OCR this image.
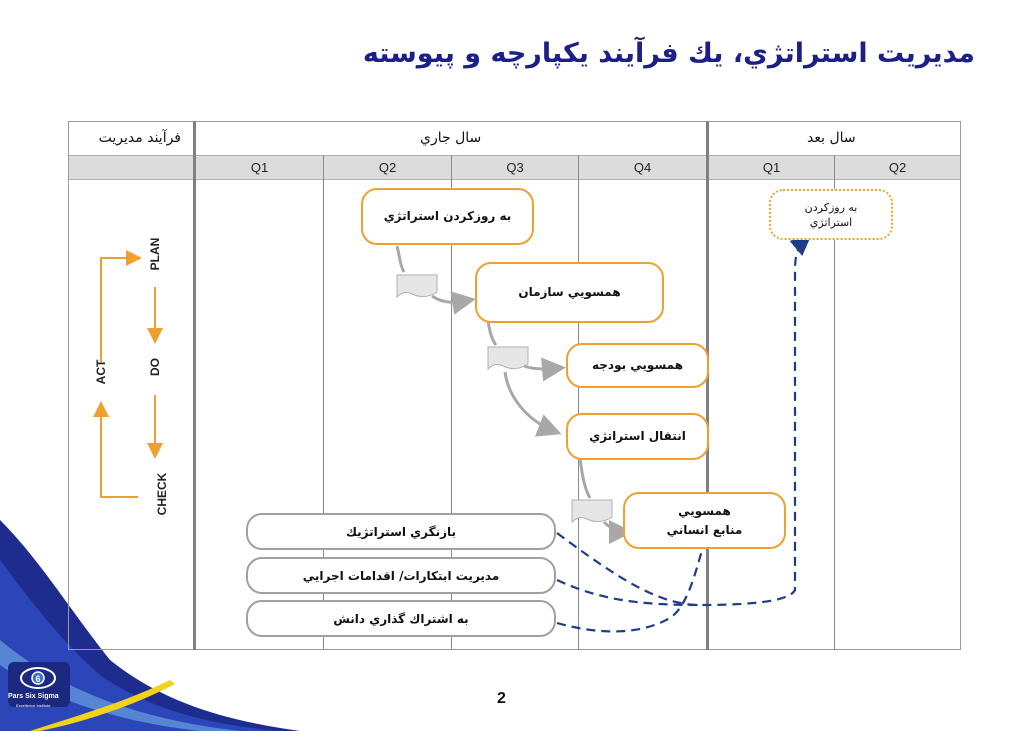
6
Pars Six Sigma
Excellence Institute
مديريت استراتژي، يك فرآيند يكپارچه و پيوسته
فرآيند مديريت	سال جاري	سال بعد
Q1	Q2	Q3	Q4	Q1	Q2
PLAN
DO
CHECK
ACT
به روزكردن استراتژي
همسويي سازمان
همسويي بودجه
انتقال استراتژي
همسويي
منابع انساني
به روزكردن
استراتژي
بازنگري استراتژيك
مديريت ابتكارات/ اقدامات اجرايي
به اشتراك گذاري دانش
2
